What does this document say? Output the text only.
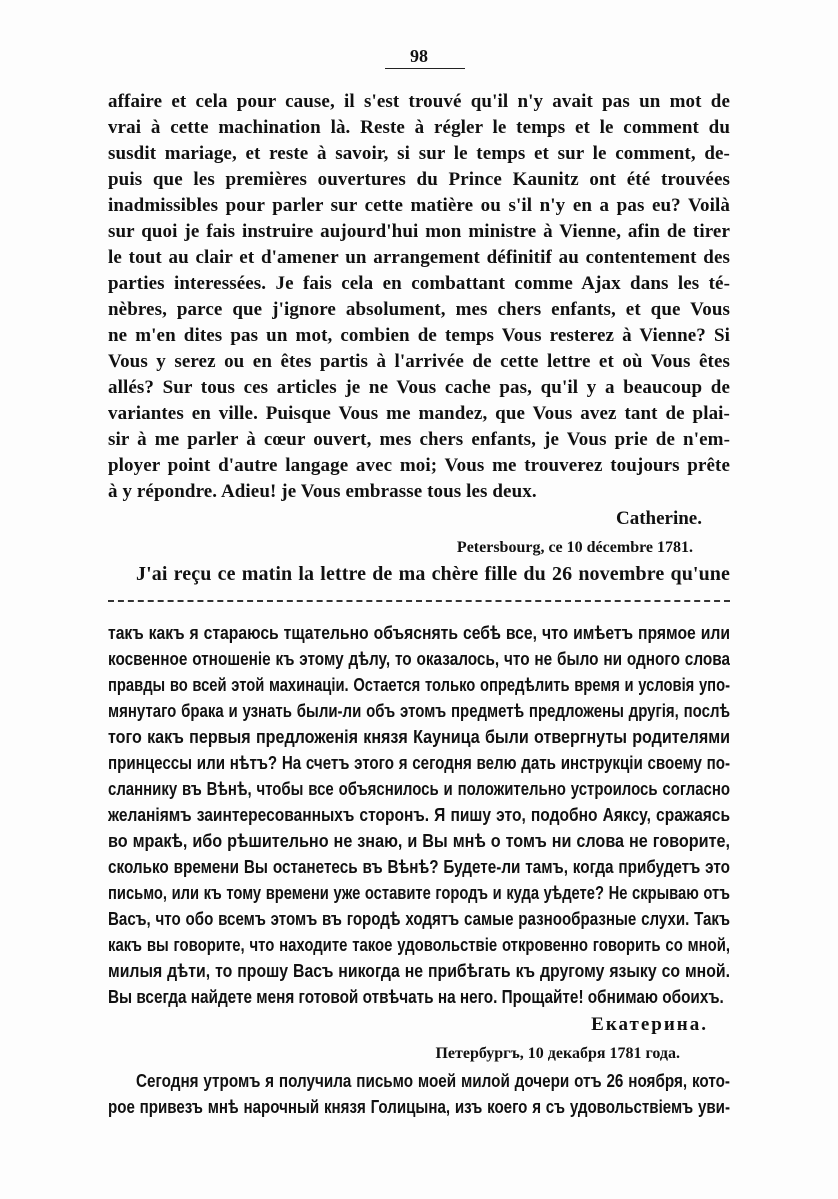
98
affaire et cela pour cause, il s'est trouvé qu'il n'y avait pas un mot de
vrai à cette machination là. Reste à régler le temps et le comment du
susdit mariage, et reste à savoir, si sur le temps et sur le comment, de-
puis que les premières ouvertures du Prince Kaunitz ont été trouvées
inadmissibles pour parler sur cette matière ou s'il n'y en a pas eu? Voilà
sur quoi je fais instruire aujourd'hui mon ministre à Vienne, afin de tirer
le tout au clair et d'amener un arrangement définitif au contentement des
parties interessées. Je fais cela en combattant comme Ajax dans les té-
nèbres, parce que j'ignore absolument, mes chers enfants, et que Vous
ne m'en dites pas un mot, combien de temps Vous resterez à Vienne? Si
Vous y serez ou en êtes partis à l'arrivée de cette lettre et où Vous êtes
allés? Sur tous ces articles je ne Vous cache pas, qu'il y a beaucoup de
variantes en ville. Puisque Vous me mandez, que Vous avez tant de plai-
sir à me parler à cœur ouvert, mes chers enfants, je Vous prie de n'em-
ployer point d'autre langage avec moi; Vous me trouverez toujours prête
à y répondre. Adieu! je Vous embrasse tous les deux.
Catherine.
Petersbourg, ce 10 décembre 1781.
J'ai reçu ce matin la lettre de ma chère fille du 26 novembre qu'une
такъ какъ я стараюсь тщательно объяснять себѣ все, что имѣетъ прямое или
косвенное отношеніе къ этому дѣлу, то оказалось, что не было ни одного слова
правды во всей этой махинаціи. Остается только опредѣлить время и условія упо-
мянутаго брака и узнать были-ли объ этомъ предметѣ предложены другія, послѣ
того какъ первыя предложенія князя Кауница были отвергнуты родителями
принцессы или нѣтъ? На счетъ этого я сегодня велю дать инструкціи своему по-
сланнику въ Вѣнѣ, чтобы все объяснилось и положительно устроилось согласно
желаніямъ заинтересованныхъ сторонъ. Я пишу это, подобно Аяксу, сражаясь
во мракѣ, ибо рѣшительно не знаю, и Вы мнѣ о томъ ни слова не говорите,
сколько времени Вы останетесь въ Вѣнѣ? Будете-ли тамъ, когда прибудетъ это
письмо, или къ тому времени уже оставите городъ и куда уѣдете? Не скрываю отъ
Васъ, что обо всемъ этомъ въ городѣ ходятъ самые разнообразные слухи. Такъ
какъ вы говорите, что находите такое удовольствіе откровенно говорить со мной,
милыя дѣти, то прошу Васъ никогда не прибѣгать къ другому языку со мной.
Вы всегда найдете меня готовой отвѣчать на него. Прощайте! обнимаю обоихъ.
Екатерина.
Петербургъ, 10 декабря 1781 года.
Сегодня утромъ я получила письмо моей милой дочери отъ 26 ноября, кото-
рое привезъ мнѣ нарочный князя Голицына, изъ коего я съ удовольствіемъ уви-
